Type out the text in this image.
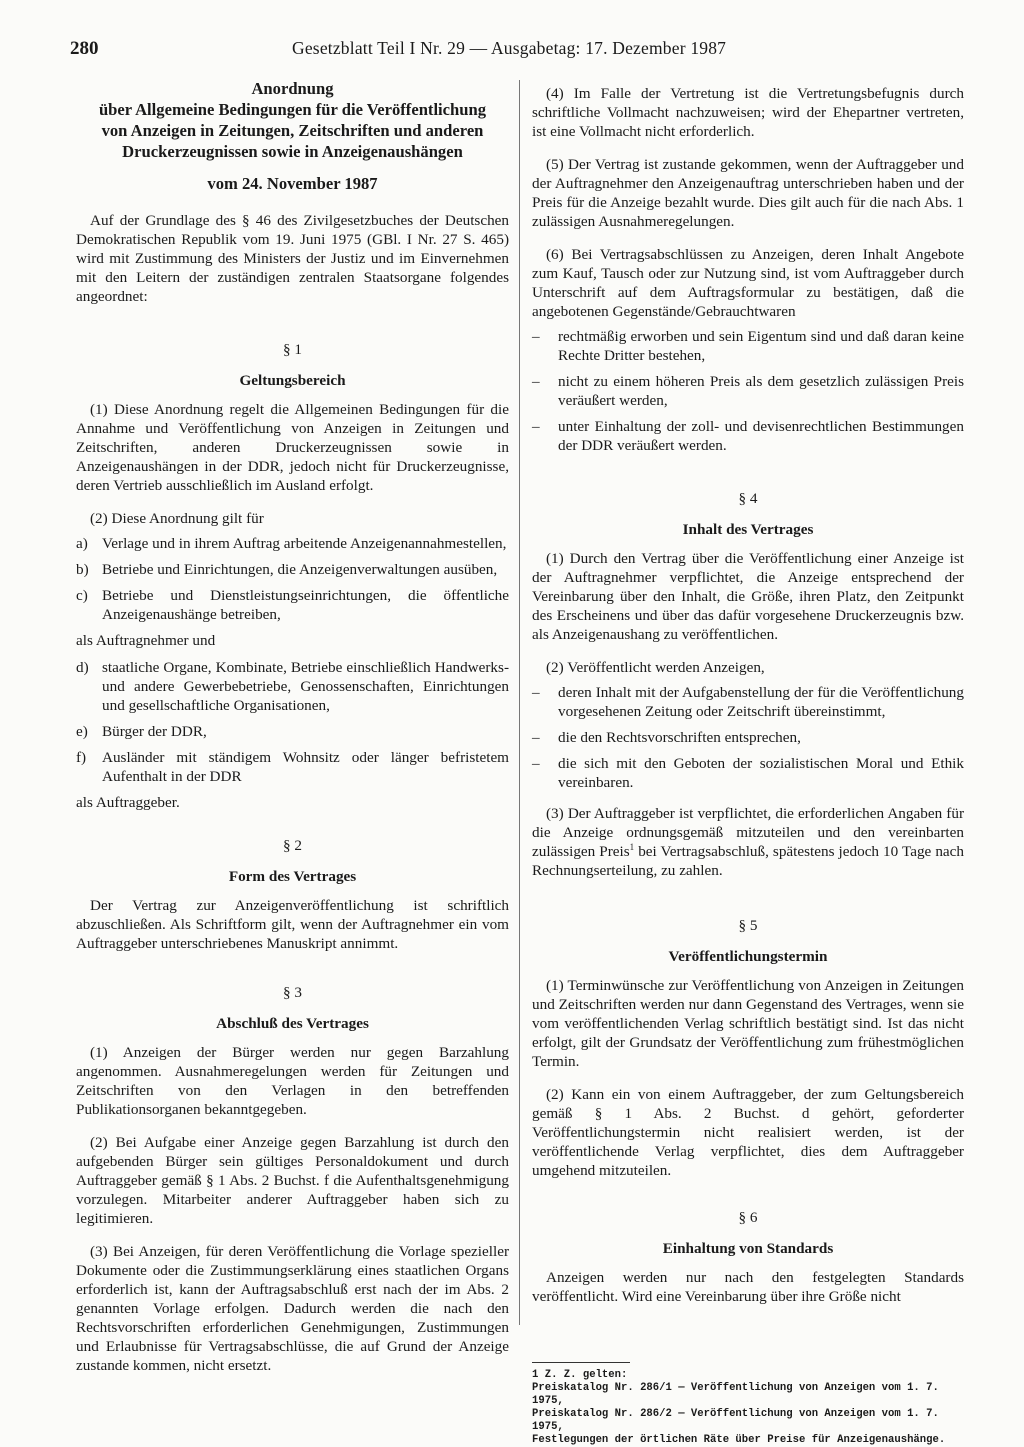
280	Gesetzblatt Teil I Nr. 29 — Ausgabetag: 17. Dezember 1987
Anordnung
über Allgemeine Bedingungen für die Veröffentlichung
von Anzeigen in Zeitungen, Zeitschriften und anderen
Druckerzeugnissen sowie in Anzeigenaushängen
vom 24. November 1987

Auf der Grundlage des § 46 des Zivilgesetzbuches der Deutschen Demokratischen Republik vom 19. Juni 1975 (GBl. I Nr. 27 S. 465) wird mit Zustimmung des Ministers der Justiz und im Einvernehmen mit den Leitern der zuständigen zentralen Staatsorgane folgendes angeordnet:

§ 1
Geltungsbereich

(1) Diese Anordnung regelt die Allgemeinen Bedingungen für die Annahme und Veröffentlichung von Anzeigen in Zeitungen und Zeitschriften, anderen Druckerzeugnissen sowie in Anzeigenaushängen in der DDR, jedoch nicht für Druckerzeugnisse, deren Vertrieb ausschließlich im Ausland erfolgt.

(2) Diese Anordnung gilt für

a) Verlage und in ihrem Auftrag arbeitende Anzeigenannahmestellen,
b) Betriebe und Einrichtungen, die Anzeigenverwaltungen ausüben,
c) Betriebe und Dienstleistungseinrichtungen, die öffentliche Anzeigenaushänge betreiben,

als Auftragnehmer und

d) staatliche Organe, Kombinate, Betriebe einschließlich Handwerks- und andere Gewerbebetriebe, Genossenschaften, Einrichtungen und gesellschaftliche Organisationen,
e) Bürger der DDR,
f)	Ausländer mit ständigem Wohnsitz oder länger befristetem Aufenthalt in der DDR

als Auftraggeber.

§ 2
Form des Vertrages

Der Vertrag zur Anzeigenveröffentlichung ist schriftlich abzuschließen. Als Schriftform gilt, wenn der Auftragnehmer ein vom Auftraggeber unterschriebenes Manuskript annimmt.

§ 3
Abschluß des Vertrages

(1) Anzeigen der Bürger werden nur gegen Barzahlung angenommen. Ausnahmeregelungen werden für Zeitungen und Zeitschriften von den Verlagen in den betreffenden Publikationsorganen bekanntgegeben.

(2) Bei Aufgabe einer Anzeige gegen Barzahlung ist durch den aufgebenden Bürger sein gültiges Personaldokument und durch Auftraggeber gemäß § 1 Abs. 2 Buchst. f die Aufenthaltsgenehmigung vorzulegen. Mitarbeiter anderer Auftraggeber haben sich zu legitimieren.

(3) Bei Anzeigen, für deren Veröffentlichung die Vorlage spezieller Dokumente oder die Zustimmungserklärung eines staatlichen Organs erforderlich ist, kann der Auftragsabschluß erst nach der im Abs. 2 genannten Vorlage erfolgen. Dadurch werden die nach den Rechtsvorschriften erforderlichen Genehmigungen, Zustimmungen und Erlaubnisse für Vertragsabschlüsse, die auf Grund der Anzeige zustande kommen, nicht ersetzt.

(4) Im Falle der Vertretung ist die Vertretungsbefugnis durch schriftliche Vollmacht nachzuweisen; wird der Ehepartner vertreten, ist eine Vollmacht nicht erforderlich.

(5) Der Vertrag ist zustande gekommen, wenn der Auftraggeber und der Auftragnehmer den Anzeigenauftrag unterschrieben haben und der Preis für die Anzeige bezahlt wurde. Dies gilt auch für die nach Abs. 1 zulässigen Ausnahmeregelungen.

(6) Bei Vertragsabschlüssen zu Anzeigen, deren Inhalt Angebote zum Kauf, Tausch oder zur Nutzung sind, ist vom Auftraggeber durch Unterschrift auf dem Auftragsformular zu bestätigen, daß die angebotenen Gegenstände/Gebrauchtwaren

–	rechtmäßig erworben und sein Eigentum sind und daß daran keine Rechte Dritter bestehen,
–	nicht zu einem höheren Preis als dem gesetzlich zulässigen Preis veräußert werden,
–	unter Einhaltung der zoll- und devisenrechtlichen Bestimmungen der DDR veräußert werden.
§ 4
Inhalt des Vertrages

(1) Durch den Vertrag über die Veröffentlichung einer Anzeige ist der Auftragnehmer verpflichtet, die Anzeige entsprechend der Vereinbarung über den Inhalt, die Größe, ihren Platz, den Zeitpunkt des Erscheinens und über das dafür vorgesehene Druckerzeugnis bzw. als Anzeigenaushang zu veröffentlichen.

(2) Veröffentlicht werden Anzeigen,

–	deren Inhalt mit der Aufgabenstellung der für die Veröffentlichung vorgesehenen Zeitung oder Zeitschrift übereinstimmt,
–	die den Rechtsvorschriften entsprechen,
–	die sich mit den Geboten der sozialistischen Moral und Ethik vereinbaren.

(3) Der Auftraggeber ist verpflichtet, die erforderlichen Angaben für die Anzeige ordnungsgemäß mitzuteilen und den vereinbarten zulässigen Preis$^1$ bei Vertragsabschluß, spätestens jedoch 10 Tage nach Rechnungserteilung, zu zahlen.

§ 5
Veröffentlichungstermin

(1) Terminwünsche zur Veröffentlichung von Anzeigen in Zeitungen und Zeitschriften werden nur dann Gegenstand des Vertrages, wenn sie vom veröffentlichenden Verlag schriftlich bestätigt sind. Ist das nicht erfolgt, gilt der Grundsatz der Veröffentlichung zum frühestmöglichen Termin.

(2) Kann ein von einem Auftraggeber, der zum Geltungsbereich gemäß § 1 Abs. 2 Buchst. d gehört, geforderter Veröffentlichungstermin nicht realisiert werden, ist der veröffentlichende Verlag verpflichtet, dies dem Auftraggeber umgehend mitzuteilen.

§ 6
Einhaltung von Standards

Anzeigen werden nur nach den festgelegten Standards veröffentlicht. Wird eine Vereinbarung über ihre Größe nicht

1 Z. Z. gelten:
Preiskatalog Nr. 286/1 — Veröffentlichung von Anzeigen vom 1. 7. 1975,
Preiskatalog Nr. 286/2 — Veröffentlichung von Anzeigen vom 1. 7. 1975,
Festlegungen der örtlichen Räte über Preise für Anzeigenaushänge.
